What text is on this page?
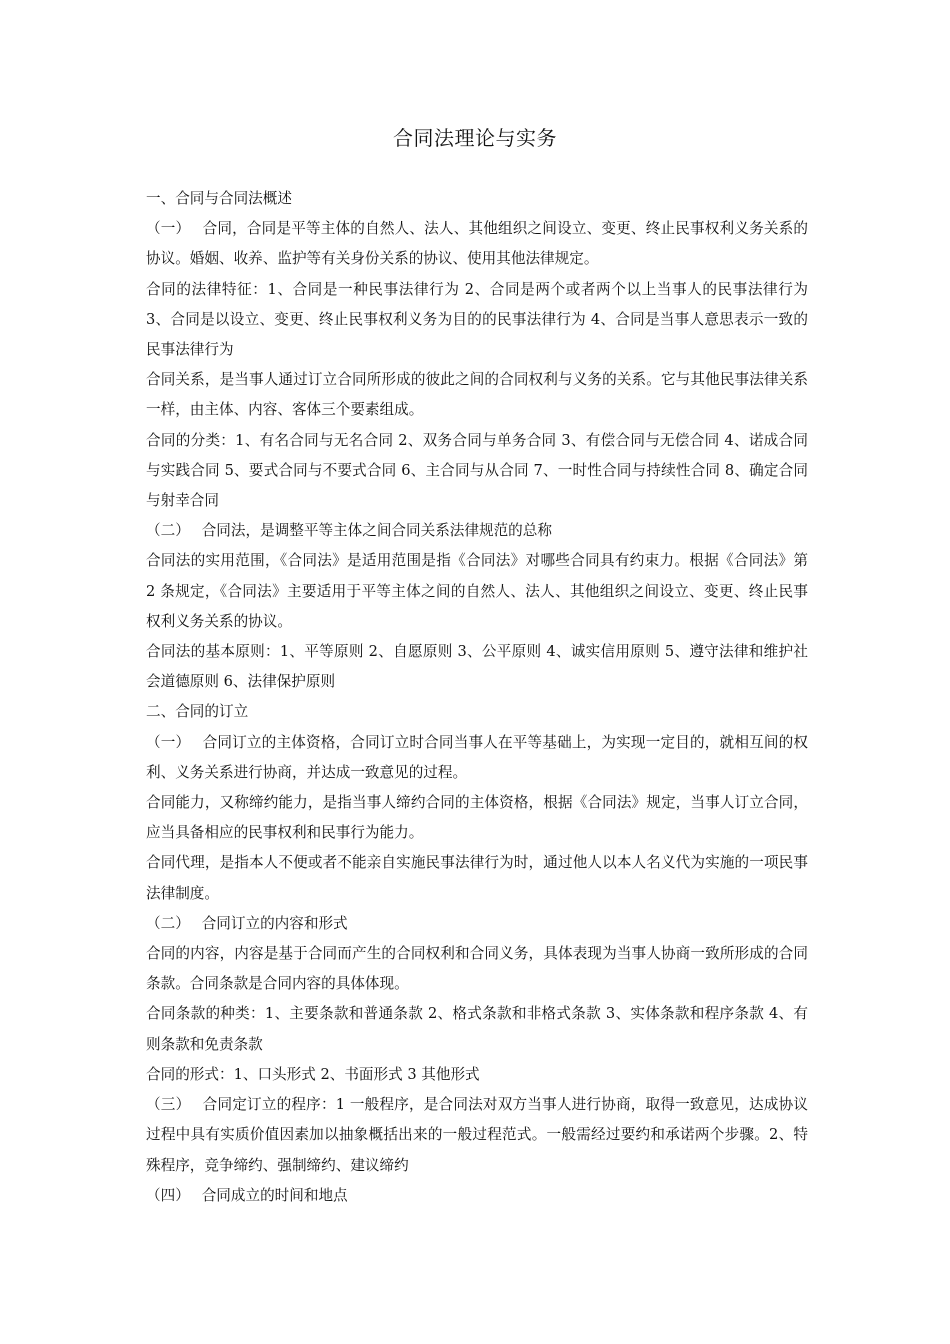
合同法理论与实务

一、合同与合同法概述

（一）　 合同，合同是平等主体的自然人、法人、其他组织之间设立、变更、终止民事权利义务关系的协议。婚姻、收养、监护等有关身份关系的协议、使用其他法律规定。

合同的法律特征：1、合同是一种民事法律行为 2、合同是两个或者两个以上当事人的民事法律行为 3、合同是以设立、变更、终止民事权利义务为目的的民事法律行为 4、合同是当事人意思表示一致的民事法律行为

合同关系，是当事人通过订立合同所形成的彼此之间的合同权利与义务的关系。它与其他民事法律关系一样，由主体、内容、客体三个要素组成。

合同的分类：1、有名合同与无名合同 2、双务合同与单务合同 3、有偿合同与无偿合同 4、诺成合同与实践合同 5、要式合同与不要式合同 6、主合同与从合同 7、一时性合同与持续性合同 8、确定合同与射幸合同

（二）　 合同法，是调整平等主体之间合同关系法律规范的总称

合同法的实用范围，《合同法》是适用范围是指《合同法》对哪些合同具有约束力。根据《合同法》第 2 条规定，《合同法》主要适用于平等主体之间的自然人、法人、其他组织之间设立、变更、终止民事权利义务关系的协议。

合同法的基本原则：1、平等原则 2、自愿原则 3、公平原则 4、诚实信用原则 5、遵守法律和维护社会道德原则 6、法律保护原则

二、合同的订立

（一）　 合同订立的主体资格，合同订立时合同当事人在平等基础上，为实现一定目的，就相互间的权利、义务关系进行协商，并达成一致意见的过程。

合同能力，又称缔约能力，是指当事人缔约合同的主体资格，根据《合同法》规定，当事人订立合同，应当具备相应的民事权利和民事行为能力。

合同代理，是指本人不便或者不能亲自实施民事法律行为时，通过他人以本人名义代为实施的一项民事法律制度。

（二）　 合同订立的内容和形式

合同的内容，内容是基于合同而产生的合同权利和合同义务，具体表现为当事人协商一致所形成的合同条款。合同条款是合同内容的具体体现。

合同条款的种类：1、主要条款和普通条款 2、格式条款和非格式条款 3、实体条款和程序条款 4、有则条款和免责条款

合同的形式：1、口头形式 2、书面形式 3 其他形式

（三）　 合同定订立的程序：1 一般程序，是合同法对双方当事人进行协商，取得一致意见，达成协议过程中具有实质价值因素加以抽象概括出来的一般过程范式。一般需经过要约和承诺两个步骤。2、特殊程序，竞争缔约、强制缔约、建议缔约

（四）　 合同成立的时间和地点
